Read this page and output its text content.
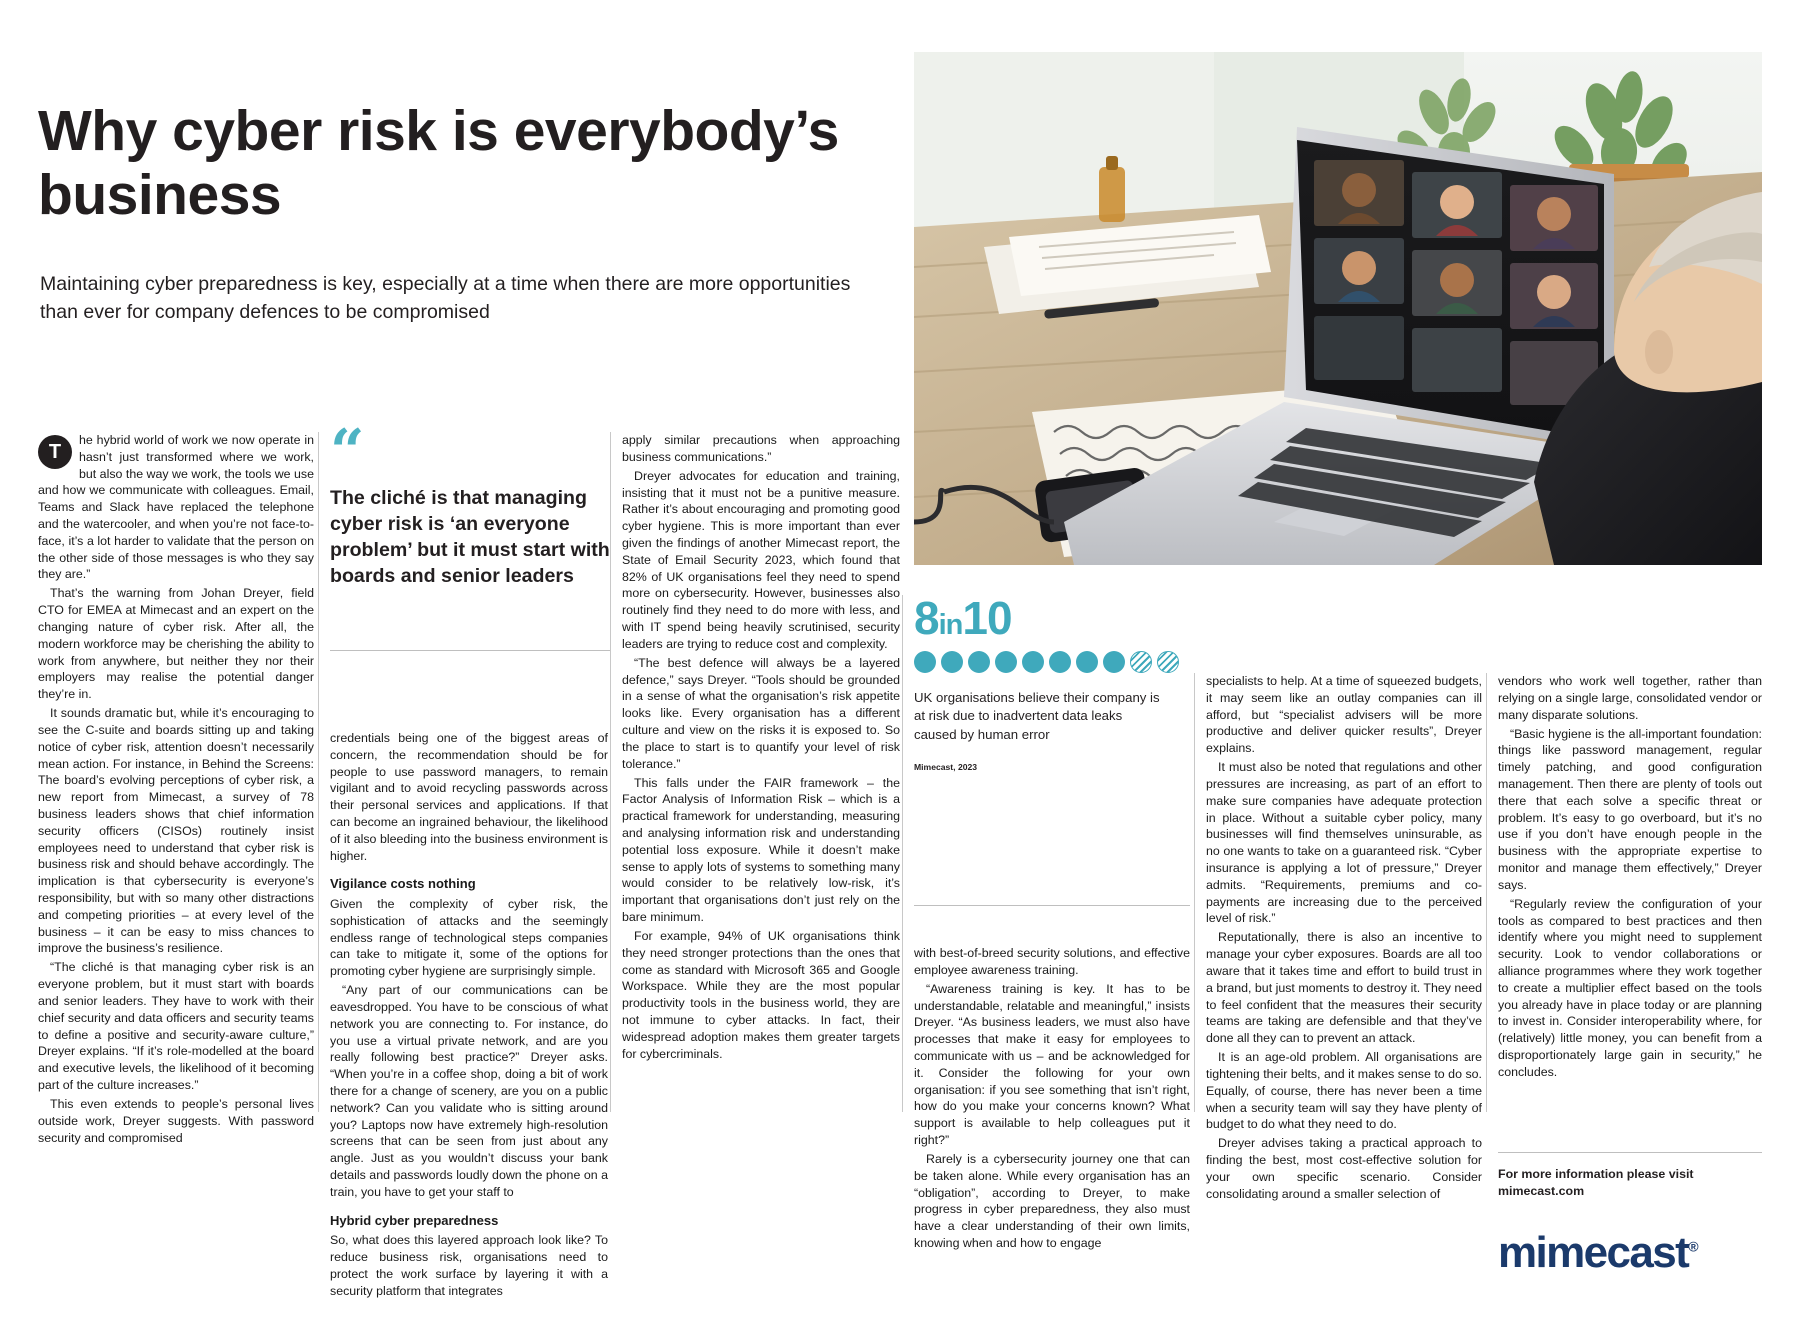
Why cyber risk is everybody’s business
Maintaining cyber preparedness is key, especially at a time when there are more opportunities than ever for company defences to be compromised
“
The cliché is that managing cyber risk is ‘an everyone problem’ but it must start with boards and senior leaders
8in10
UK organisations believe their company is at risk due to inadvertent data leaks caused by human error
Mimecast, 2023

T
he hybrid world of work we now operate in hasn’t just transformed where we work, but also the way we work, the tools we use and how we communicate with colleagues. Email, Teams and Slack have replaced the telephone and the watercooler, and when you’re not face-to-face, it’s a lot harder to validate that the person on the other side of those messages is who they say they are.”

That’s the warning from Johan Dreyer, field CTO for EMEA at Mimecast and an expert on the changing nature of cyber risk. After all, the modern workforce may be cherishing the ability to work from anywhere, but neither they nor their employers may realise the potential danger they’re in.

It sounds dramatic but, while it’s encouraging to see the C-suite and boards sitting up and taking notice of cyber risk, attention doesn’t necessarily mean action. For instance, in Behind the Screens: The board’s evolving perceptions of cyber risk, a new report from Mimecast, a survey of 78 business leaders shows that chief information security officers (CISOs) routinely insist employees need to understand that cyber risk is business risk and should behave accordingly. The implication is that cybersecurity is everyone’s responsibility, but with so many other distractions and competing priorities – at every level of the business – it can be easy to miss chances to improve the business’s resilience.

“The cliché is that managing cyber risk is an everyone problem, but it must start with boards and senior leaders. They have to work with their chief security and data officers and security teams to define a positive and security-aware culture,” Dreyer explains. “If it’s role-modelled at the board and executive levels, the likelihood of it becoming part of the culture increases.”

This even extends to people’s personal lives outside work, Dreyer suggests. With password security and compromised

credentials being one of the biggest areas of concern, the recommendation should be for people to use password managers, to remain vigilant and to avoid recycling passwords across their personal services and applications. If that can become an ingrained behaviour, the likelihood of it also bleeding into the business environment is higher.

Vigilance costs nothing

Given the complexity of cyber risk, the sophistication of attacks and the seemingly endless range of technological steps companies can take to mitigate it, some of the options for promoting cyber hygiene are surprisingly simple.

“Any part of our communications can be eavesdropped. You have to be conscious of what network you are connecting to. For instance, do you use a virtual private network, and are you really following best practice?” Dreyer asks. “When you’re in a coffee shop, doing a bit of work there for a change of scenery, are you on a public network? Can you validate who is sitting around you? Laptops now have extremely high-resolution screens that can be seen from just about any angle. Just as you wouldn’t discuss your bank details and passwords loudly down the phone on a train, you have to get your staff to

Hybrid cyber preparedness

So, what does this layered approach look like? To reduce business risk, organisations need to protect the work surface by layering it with a security platform that integrates

apply similar precautions when approaching business communications.”

Dreyer advocates for education and training, insisting that it must not be a punitive measure. Rather it’s about encouraging and promoting good cyber hygiene. This is more important than ever given the findings of another Mimecast report, the State of Email Security 2023, which found that 82% of UK organisations feel they need to spend more on cybersecurity. However, businesses also routinely find they need to do more with less, and with IT spend being heavily scrutinised, security leaders are trying to reduce cost and complexity.

“The best defence will always be a layered defence,” says Dreyer. “Tools should be grounded in a sense of what the organisation’s risk appetite looks like. Every organisation has a different culture and view on the risks it is exposed to. So the place to start is to quantify your level of risk tolerance.”

This falls under the FAIR framework – the Factor Analysis of Information Risk – which is a practical framework for understanding, measuring and analysing information risk and understanding potential loss exposure. While it doesn’t make sense to apply lots of systems to something many would consider to be relatively low-risk, it’s important that organisations don’t just rely on the bare minimum.

For example, 94% of UK organisations think they need stronger protections than the ones that come as standard with Microsoft 365 and Google Workspace. While they are the most popular productivity tools in the business world, they are not immune to cyber attacks. In fact, their widespread adoption makes them greater targets for cybercriminals.

with best-of-breed security solutions, and effective employee awareness training.

“Awareness training is key. It has to be understandable, relatable and meaningful,” insists Dreyer. “As business leaders, we must also have processes that make it easy for employees to communicate with us – and be acknowledged for it. Consider the following for your own organisation: if you see something that isn’t right, how do you make your concerns known? What support is available to help colleagues put it right?”

Rarely is a cybersecurity journey one that can be taken alone. While every organisation has an “obligation”, according to Dreyer, to make progress in cyber preparedness, they also must have a clear understanding of their own limits, knowing when and how to engage

specialists to help. At a time of squeezed budgets, it may seem like an outlay companies can ill afford, but “specialist advisers will be more productive and deliver quicker results”, Dreyer explains.

It must also be noted that regulations and other pressures are increasing, as part of an effort to make sure companies have adequate protection in place. Without a suitable cyber policy, many businesses will find themselves uninsurable, as no one wants to take on a guaranteed risk. “Cyber insurance is applying a lot of pressure,” Dreyer admits. “Requirements, premiums and co-payments are increasing due to the perceived level of risk.”

Reputationally, there is also an incentive to manage your cyber exposures. Boards are all too aware that it takes time and effort to build trust in a brand, but just moments to destroy it. They need to feel confident that the measures their security teams are taking are defensible and that they’ve done all they can to prevent an attack.

It is an age-old problem. All organisations are tightening their belts, and it makes sense to do so. Equally, of course, there has never been a time when a security team will say they have plenty of budget to do what they need to do.

Dreyer advises taking a practical approach to finding the best, most cost-effective solution for your own specific scenario. Consider consolidating around a smaller selection of

vendors who work well together, rather than relying on a single large, consolidated vendor or many disparate solutions.

“Basic hygiene is the all-important foundation: things like password management, regular timely patching, and good configuration management. Then there are plenty of tools out there that each solve a specific threat or problem. It’s easy to go overboard, but it’s no use if you don’t have enough people in the business with the appropriate expertise to monitor and manage them effectively,” Dreyer says.

“Regularly review the configuration of your tools as compared to best practices and then identify where you might need to supplement security. Look to vendor collaborations or alliance programmes where they work together to create a multiplier effect based on the tools you already have in place today or are planning to invest in. Consider interoperability where, for (relatively) little money, you can benefit from a disproportionately large gain in security,” he concludes.

For more information please visit
mimecast.com
mimecast®
